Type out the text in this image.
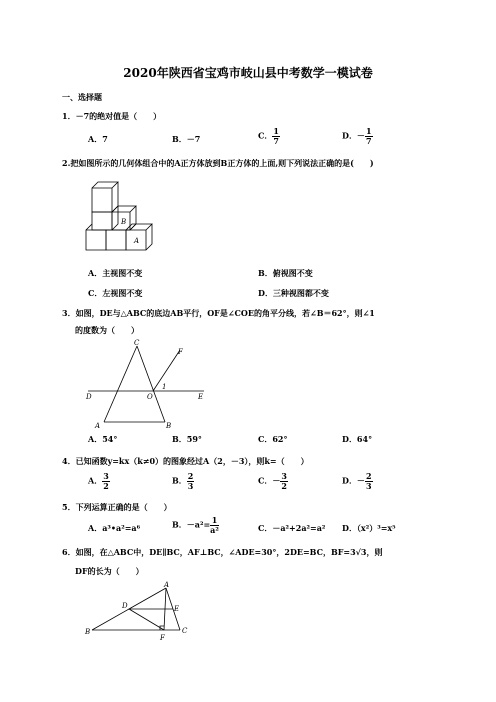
2020年陕西省宝鸡市岐山县中考数学一模试卷
一、选择题
1．－7的绝对值是（　　）
A．7	B．－7	C． $\frac{1}{7}$	D．－ $\frac{1}{7}$
2.把如图所示的几何体组合中的A正方体放到B正方体的上面,则下列说法正确的是(　　)
B
A
A．主视图不变	B．俯视图不变
C．左视图不变	D．三种视图都不变
3．如图，DE与△ABC的底边AB平行，OF是∠COE的角平分线，若∠B＝62°，则∠1
的度数为（　　）
C
F
1
D	O	E
A	B
A．54°	B．59°	C．62°	D．64°
4．已知函数y=kx（k≠0）的图象经过A（2，－3），则k=（　　）
A． $\frac{3}{2}$	B． $\frac{2}{3}$	C．－ $\frac{3}{2}$	D．－ $\frac{2}{3}$
5．下列运算正确的是（　　）
A．a³•a²=a⁶	B．$-a^2= \frac{1}{\text{a²}}$	C．－a²+2a²=a² D．（x²）³=x⁵
6．如图，在△ABC中，DE∥BC，AF⊥BC，∠ADE=30°，2DE=BC，BF=3√3，则
DF的长为（　　）
A
D	E
B
F
C
